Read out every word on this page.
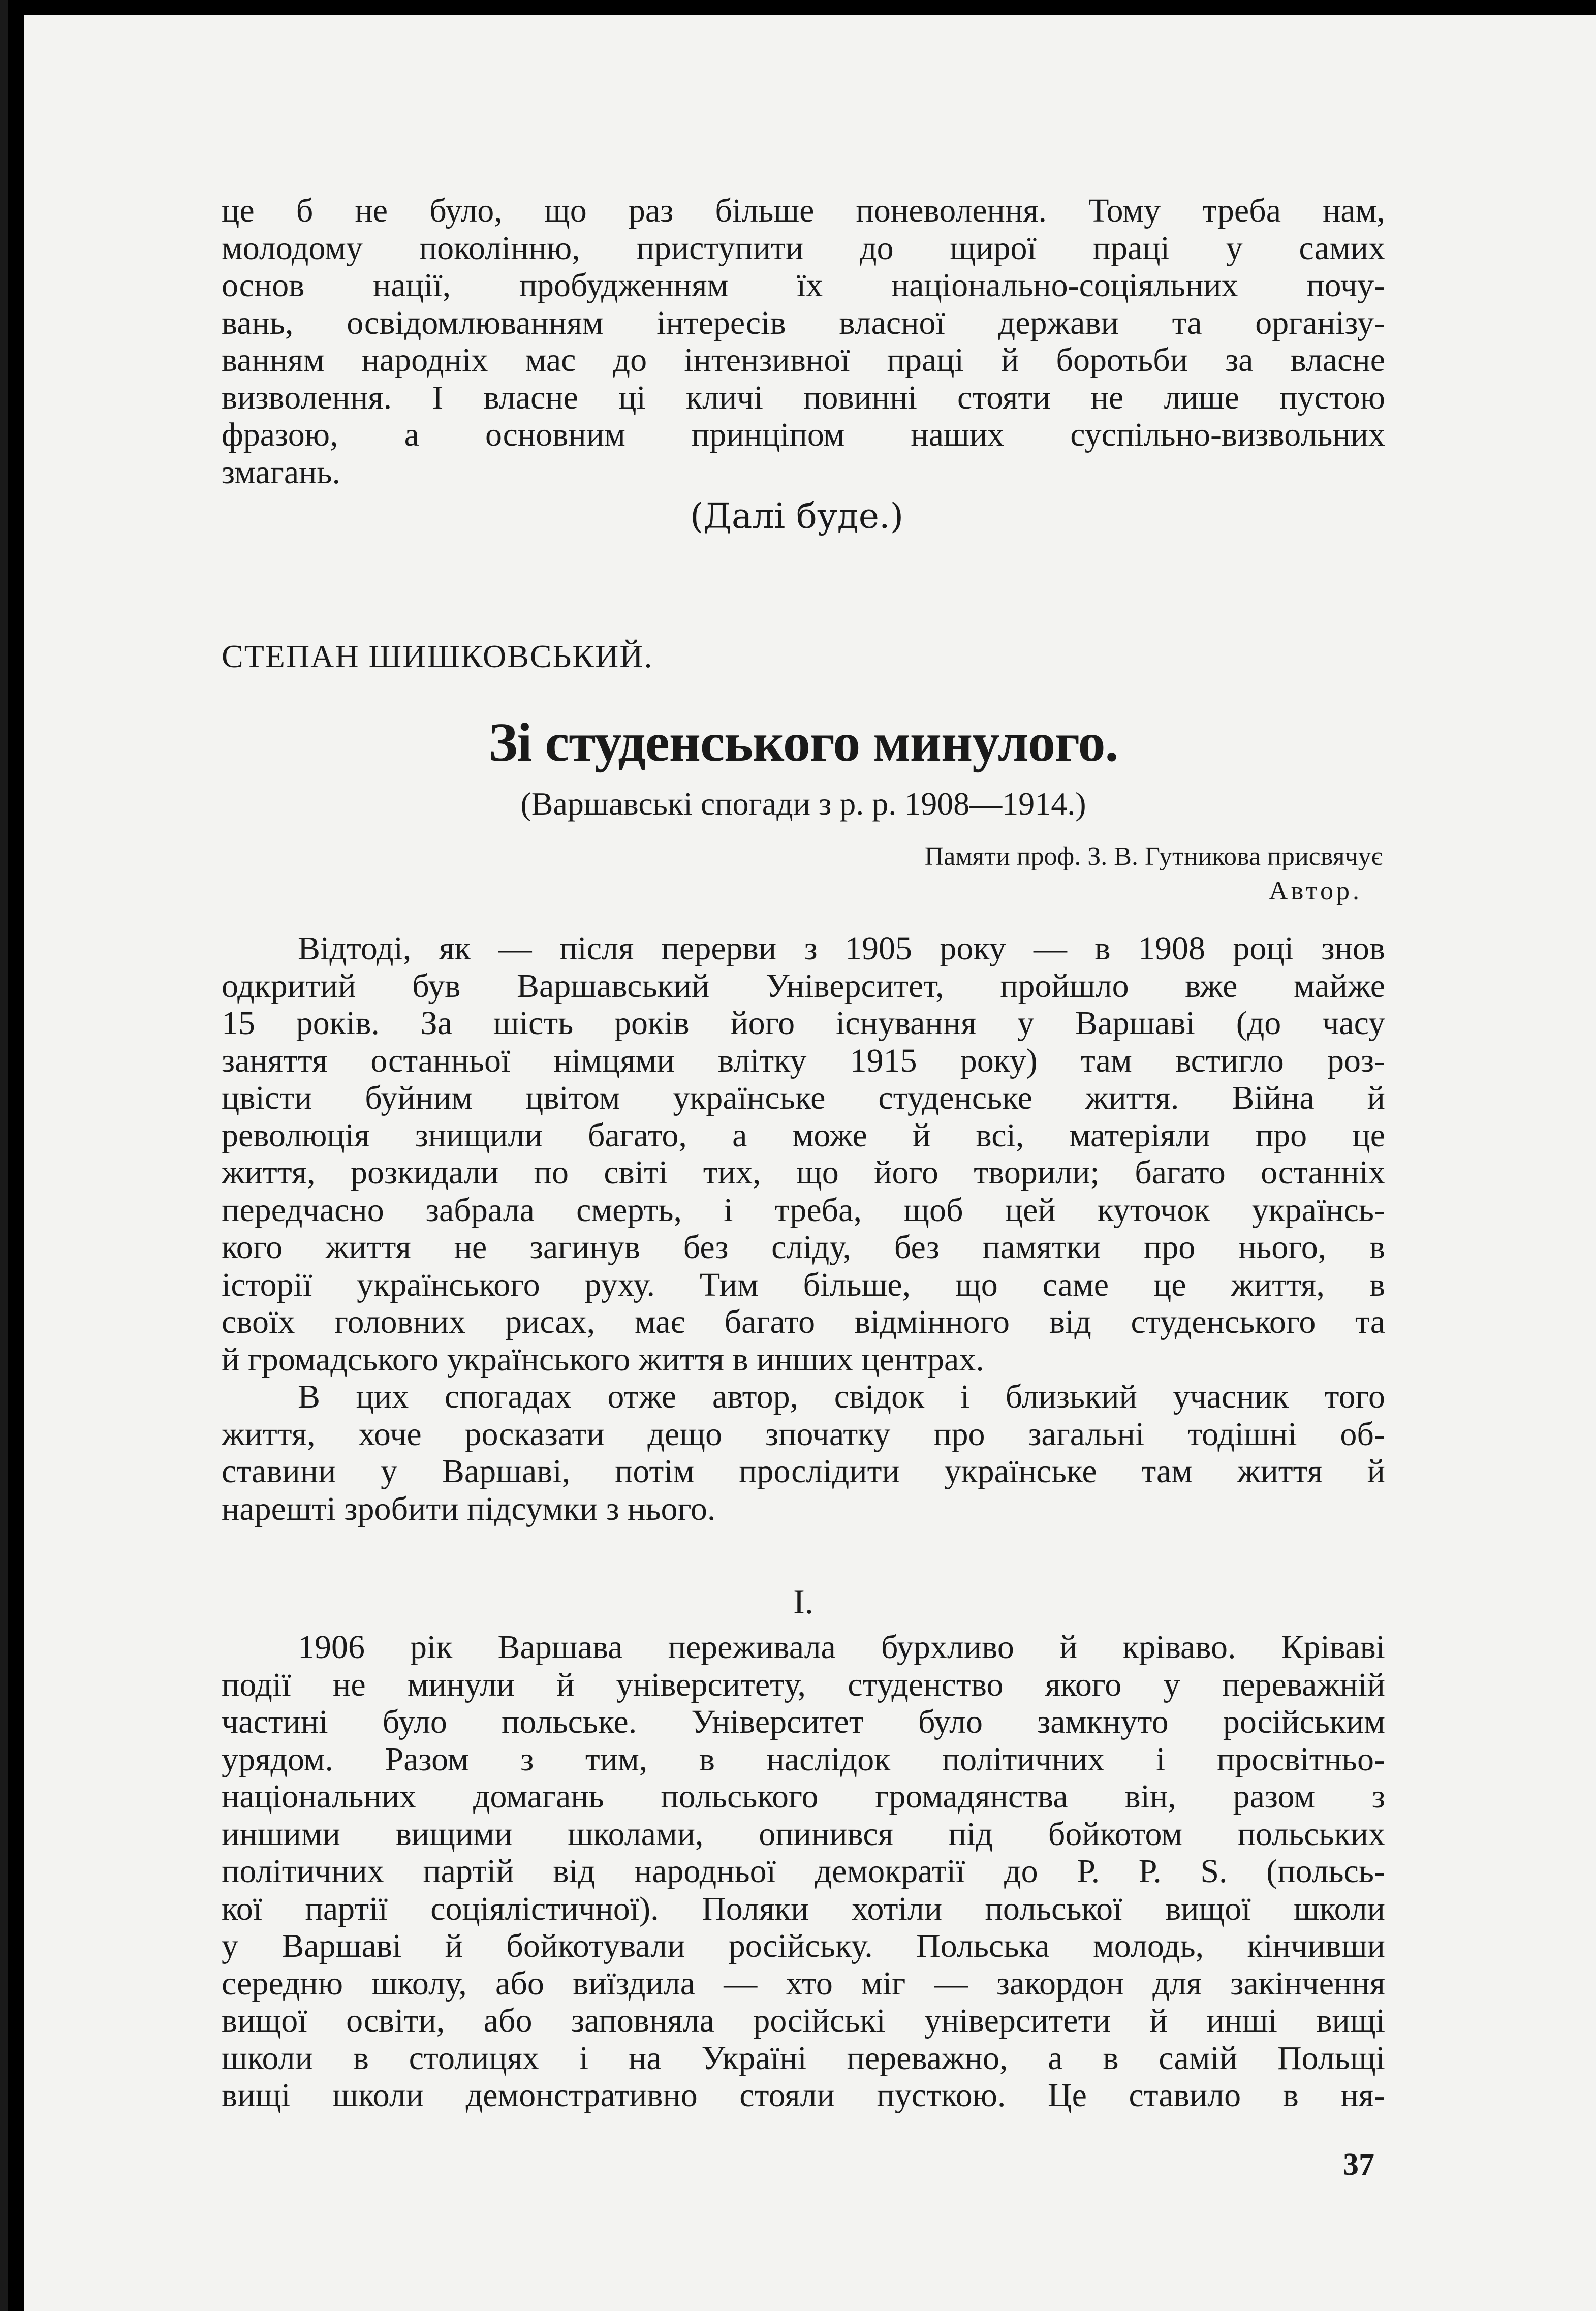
це б не було, що раз більше поневолення. Тому треба нам,
молодому поколінню, приступити до щирої праці у самих
основ нації, пробудженням їх національно-соціяльних почу-
вань, освідомлюванням інтересів власної держави та організу-
ванням народніх мас до інтензивної праці й боротьби за власне
визволення. І власне ці кличі повинні стояти не лише пустою
фразою, а основним принціпом наших суспільно-визвольних
змагань.
(Далі буде.)
СТЕПАН ШИШКОВСЬКИЙ.
Зі студенського минулого.
(Варшавські спогади з р. р. 1908—1914.)
Памяти проф. З. В. Гутникова присвячує
Автор.
Відтоді, як — після перерви з 1905 року — в 1908 році знов
одкритий був Варшавський Університет, пройшло вже майже
15 років. За шість років його існування у Варшаві (до часу
заняття останньої німцями влітку 1915 року) там встигло роз-
цвісти буйним цвітом українське студенське життя. Війна й
революція знищили багато, а може й всі, матеріяли про це
життя, розкидали по світі тих, що його творили; багато останніх
передчасно забрала смерть, і треба, щоб цей куточок українсь-
кого життя не загинув без сліду, без памятки про нього, в
історії українського руху. Тим більше, що саме це життя, в
своїх головних рисах, має багато відмінного від студенського та
й громадського українського життя в инших центрах.
В цих спогадах отже автор, свідок і близький учасник того
життя, хоче росказати дещо зпочатку про загальні тодішні об-
ставини у Варшаві, потім прослідити українське там життя й
нарешті зробити підсумки з нього.
I.
1906 рік Варшава переживала бурхливо й кріваво. Кріваві
події не минули й університету, студенство якого у переважній
частині було польське. Університет було замкнуто російським
урядом. Разом з тим, в наслідок політичних і просвітньо-
національних домагань польського громадянства він, разом з
иншими вищими школами, опинився під бойкотом польських
політичних партій від народньої демократії до Р. Р. S. (польсь-
кої партії соціялістичної). Поляки хотіли польської вищої школи
у Варшаві й бойкотували російську. Польська молодь, кінчивши
середню школу, або виїздила — хто міг — закордон для закінчення
вищої освіти, або заповняла російські університети й инші вищі
школи в столицях і на Україні переважно, а в самій Польщі
вищі школи демонстративно стояли пусткою. Це ставило в ня-
37
